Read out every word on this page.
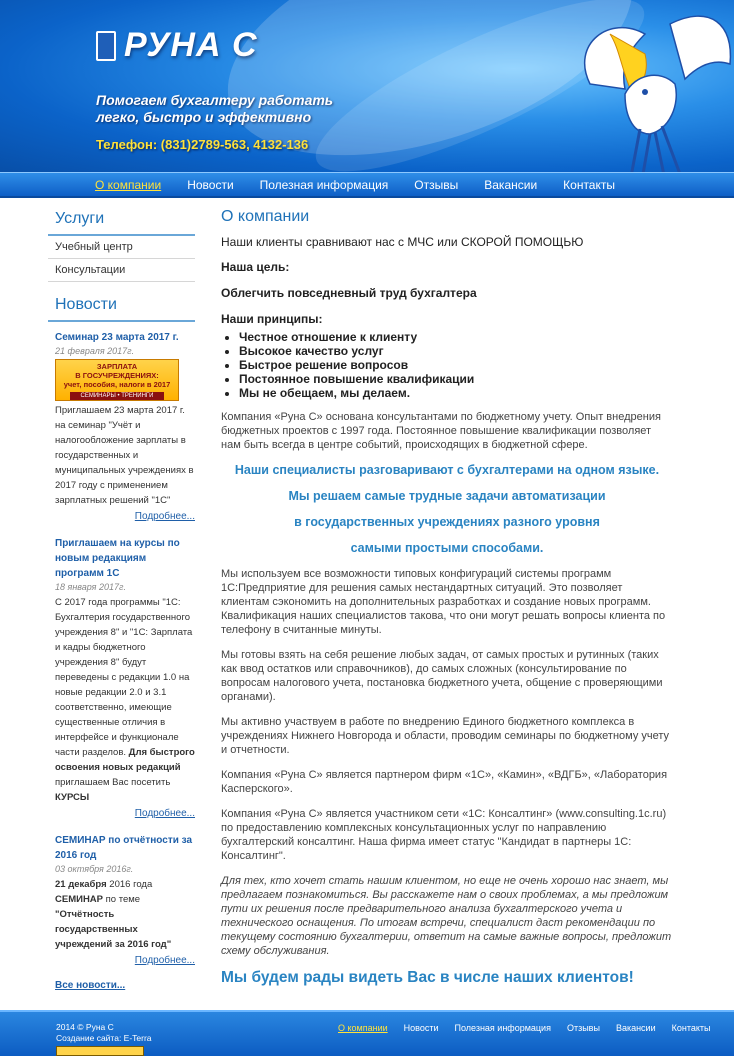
РУНА С
Помогаем бухгалтеру работать
легко, быстро и эффективно
Телефон: (831)2789-563, 4132-136
О компании	Новости	Полезная информация	Отзывы	Вакансии	Контакты
Услуги
Учебный центр
Консультации
Новости
Семинар 23 марта 2017 г.
21 февраля 2017г.
ЗАРПЛАТА
В ГОСУЧРЕЖДЕНИЯХ:
учет, пособия, налоги в 2017
СЕМИНАРЫ • ТРЕНИНГИ
Приглашаем 23 марта 2017 г. на семинар "Учёт и налогообложение зарплаты в государственных и муниципальных учреждениях в 2017 году с применением зарплатных решений "1С"
Подробнее...
Приглашаем на курсы по новым редакциям программ 1С
18 января 2017г.
С 2017 года программы "1С: Бухгалтерия государственного учреждения 8" и "1С: Зарплата и кадры бюджетного учреждения 8" будут переведены с редакции 1.0 на новые редакции 2.0 и 3.1 соответственно, имеющие существенные отличия в интерфейсе и функционале части разделов. Для быстрого освоения новых редакций приглашаем Вас посетить КУРСЫ
Подробнее...
СЕМИНАР по отчётности за 2016 год
03 октября 2016г.
21 декабря 2016 года СЕМИНАР по теме "Отчётность государственных учреждений за 2016 год"
Подробнее...
Все новости...
О компании
Наши клиенты сравнивают нас с МЧС или СКОРОЙ ПОМОЩЬЮ
Наша цель:
Облегчить повседневный труд бухгалтера
Наши принципы:
• Честное отношение к клиенту
• Высокое качество услуг
• Быстрое решение вопросов
• Постоянное повышение квалификации
• Мы не обещаем, мы делаем.
Компания «Руна С» основана консультантами по бюджетному учету. Опыт внедрения бюджетных проектов с 1997 года. Постоянное повышение квалификации позволяет нам быть всегда в центре событий, происходящих в бюджетной сфере.
Наши специалисты разговаривают с бухгалтерами на одном языке.
Мы решаем самые трудные задачи автоматизации
в государственных учреждениях разного уровня
самыми простыми способами.
Мы используем все возможности типовых конфигураций системы программ 1С:Предприятие для решения самых нестандартных ситуаций. Это позволяет клиентам сэкономить на дополнительных разработках и создание новых программ. Квалификация наших специалистов такова, что они могут решать вопросы клиента по телефону в считанные минуты.
Мы готовы взять на себя решение любых задач, от самых простых и рутинных (таких как ввод остатков или справочников), до самых сложных (консультирование по вопросам налогового учета, постановка бюджетного учета, общение с проверяющими органами).
Мы активно участвуем в работе по внедрению Единого бюджетного комплекса в учреждениях Нижнего Новгорода и области, проводим семинары по бюджетному учету и отчетности.
Компания «Руна С» является партнером фирм «1С», «Камин», «ВДГБ», «Лаборатория Касперского».
Компания «Руна С» является участником сети «1С: Консалтинг» (www.consulting.1c.ru) по предоставлению комплексных консультационных услуг по направлению бухгалтерский консалтинг. Наша фирма имеет статус "Кандидат в партнеры 1С: Консалтинг".
Для тех, кто хочет стать нашим клиентом, но еще не очень хорошо нас знает, мы предлагаем познакомиться. Вы расскажете нам о своих проблемах, а мы предложим пути их решения после предварительного анализа бухгалтерского учета и технического оснащения. По итогам встречи, специалист даст рекомендации по текущему состоянию бухгалтерии, ответит на самые важные вопросы, предложит схему обслуживания.
Мы будем рады видеть Вас в числе наших клиентов!
2014 © Руна С
Создание сайта: E-Terra
О компании	Новости	Полезная информация	Отзывы	Вакансии	Контакты
